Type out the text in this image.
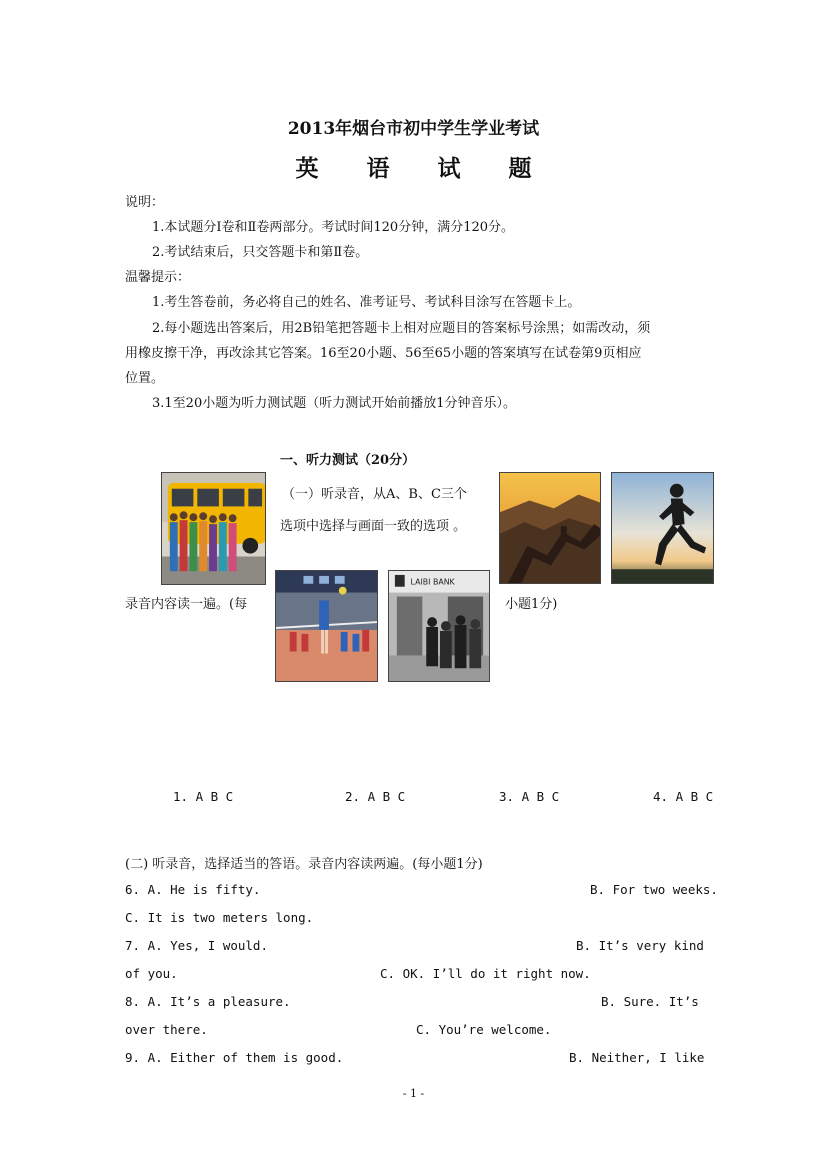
2013年烟台市初中学生学业考试
英 语 试 题
说明：
1.本试题分Ⅰ卷和Ⅱ卷两部分。考试时间120分钟，满分120分。
2.考试结束后，只交答题卡和第Ⅱ卷。
温馨提示：
1.考生答卷前，务必将自己的姓名、准考证号、考试科目涂写在答题卡上。
2.每小题选出答案后，用2B铅笔把答题卡上相对应题目的答案标号涂黑；如需改动，须
用橡皮擦干净，再改涂其它答案。16至20小题、56至65小题的答案填写在试卷第9页相应
位置。
3.1至20小题为听力测试题（听力测试开始前播放1分钟音乐）。
一、听力测试（20分）
（一）听录音，从A、B、C三个
选项中选择与画面一致的选项 。
录音内容读一遍。(每	小题1分)
LAIBI BANK
1. A B C	2. A B C	3. A B C	4. A B C
(二) 听录音，选择适当的答语。录音内容读两遍。(每小题1分)
6. A. He is fifty.	B. For two weeks.
C. It is two meters long.
7. A. Yes, I would.	B. It’s very kind
of you.	C. OK. I’ll do it right now.
8. A. It’s a pleasure.	B. Sure. It’s
over there.	C. You’re welcome.
9. A. Either of them is good.	B. Neither, I like
- 1 -
